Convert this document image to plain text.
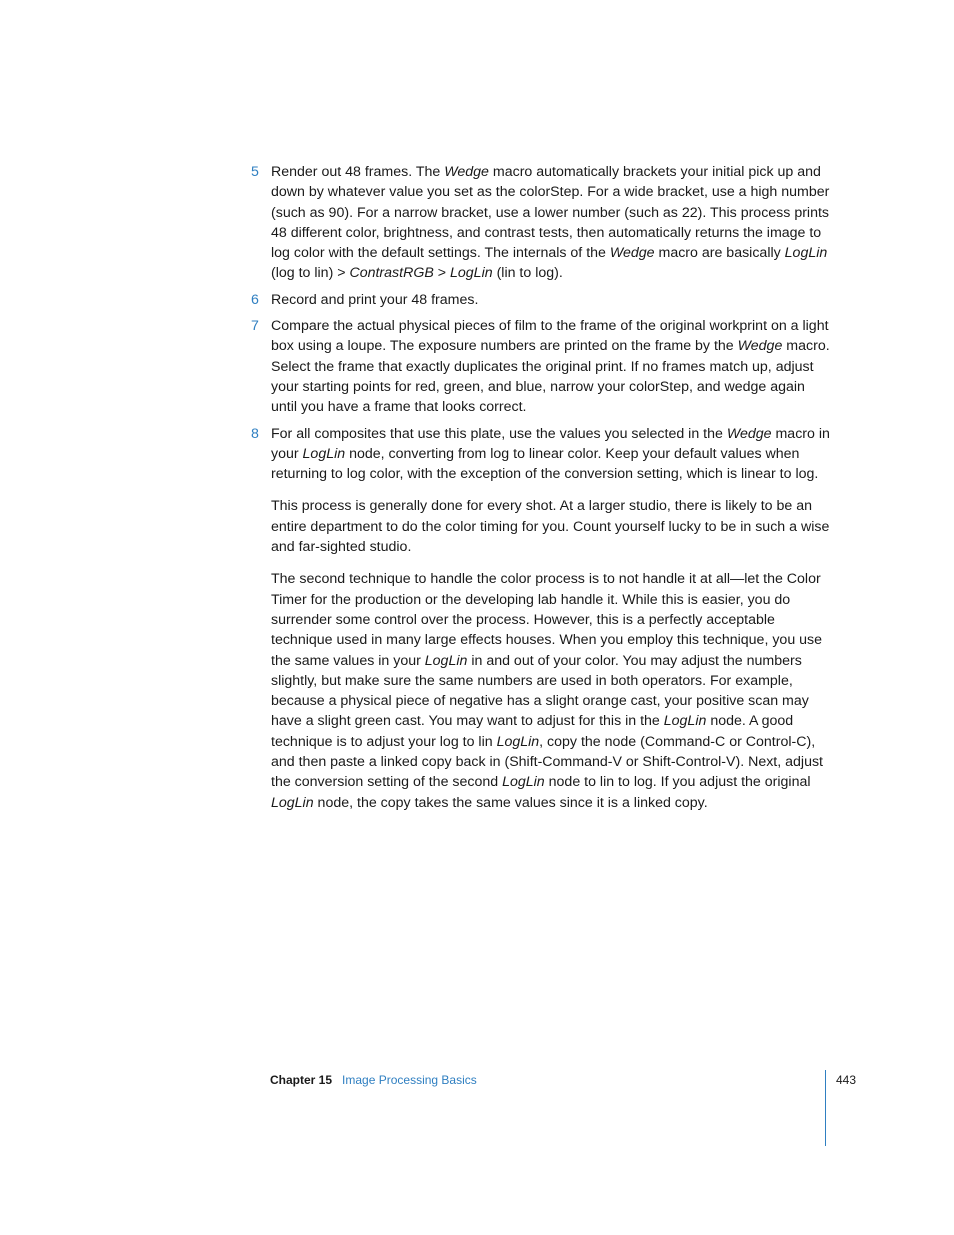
5 Render out 48 frames. The Wedge macro automatically brackets your initial pick up and down by whatever value you set as the colorStep. For a wide bracket, use a high number (such as 90). For a narrow bracket, use a lower number (such as 22). This process prints 48 different color, brightness, and contrast tests, then automatically returns the image to log color with the default settings. The internals of the Wedge macro are basically LogLin (log to lin) > ContrastRGB > LogLin (lin to log).
6 Record and print your 48 frames.
7 Compare the actual physical pieces of film to the frame of the original workprint on a light box using a loupe. The exposure numbers are printed on the frame by the Wedge macro. Select the frame that exactly duplicates the original print. If no frames match up, adjust your starting points for red, green, and blue, narrow your colorStep, and wedge again until you have a frame that looks correct.
8 For all composites that use this plate, use the values you selected in the Wedge macro in your LogLin node, converting from log to linear color. Keep your default values when returning to log color, with the exception of the conversion setting, which is linear to log.

This process is generally done for every shot. At a larger studio, there is likely to be an entire department to do the color timing for you. Count yourself lucky to be in such a wise and far-sighted studio.

The second technique to handle the color process is to not handle it at all—let the Color Timer for the production or the developing lab handle it. While this is easier, you do surrender some control over the process. However, this is a perfectly acceptable technique used in many large effects houses. When you employ this technique, you use the same values in your LogLin in and out of your color. You may adjust the numbers slightly, but make sure the same numbers are used in both operators. For example, because a physical piece of negative has a slight orange cast, your positive scan may have a slight green cast. You may want to adjust for this in the LogLin node. A good technique is to adjust your log to lin LogLin, copy the node (Command-C or Control-C), and then paste a linked copy back in (Shift-Command-V or Shift-Control-V). Next, adjust the conversion setting of the second LogLin node to lin to log. If you adjust the original LogLin node, the copy takes the same values since it is a linked copy.

Chapter 15 Image Processing Basics	443
